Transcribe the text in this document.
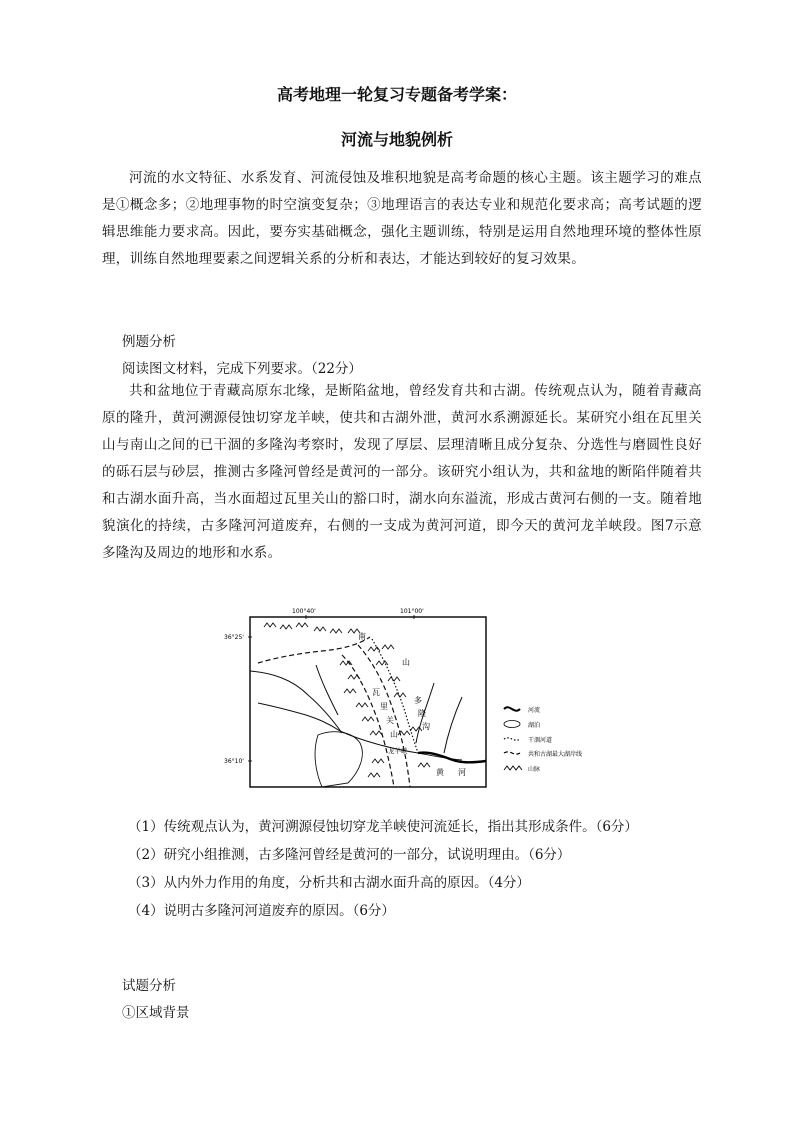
高考地理一轮复习专题备考学案：
河流与地貌例析
河流的水文特征、水系发育、河流侵蚀及堆积地貌是高考命题的核心主题。该主题学习的难点是①概念多；②地理事物的时空演变复杂；③地理语言的表达专业和规范化要求高；高考试题的逻辑思维能力要求高。因此，要夯实基础概念，强化主题训练，特别是运用自然地理环境的整体性原理，训练自然地理要素之间逻辑关系的分析和表达，才能达到较好的复习效果。
例题分析
阅读图文材料，完成下列要求。（22分）
共和盆地位于青藏高原东北缘，是断陷盆地，曾经发育共和古湖。传统观点认为，随着青藏高原的隆升，黄河溯源侵蚀切穿龙羊峡，使共和古湖外泄，黄河水系溯源延长。某研究小组在瓦里关山与南山之间的已干涸的多隆沟考察时，发现了厚层、层理清晰且成分复杂、分选性与磨圆性良好的砾石层与砂层，推测古多隆河曾经是黄河的一部分。该研究小组认为，共和盆地的断陷伴随着共和古湖水面升高，当水面超过瓦里关山的豁口时，湖水向东溢流，形成古黄河右侧的一支。随着地貌演化的持续，古多隆河河道废弃，右侧的一支成为黄河河道，即今天的黄河龙羊峡段。图7示意多隆沟及周边的地形和水系。
100°40'	101°00'
36°25'
36°10'
南
山
瓦
里
关
山
多
隆
沟
龙羊峡
黄 河
河流
湖泊
干涸河道
共和古湖最大湖岸线
山脉
（1）传统观点认为，黄河溯源侵蚀切穿龙羊峡使河流延长，指出其形成条件。（6分）
（2）研究小组推测，古多隆河曾经是黄河的一部分，试说明理由。（6分）
（3）从内外力作用的角度，分析共和古湖水面升高的原因。（4分）
（4）说明古多隆河河道废弃的原因。（6分）
试题分析
①区域背景
